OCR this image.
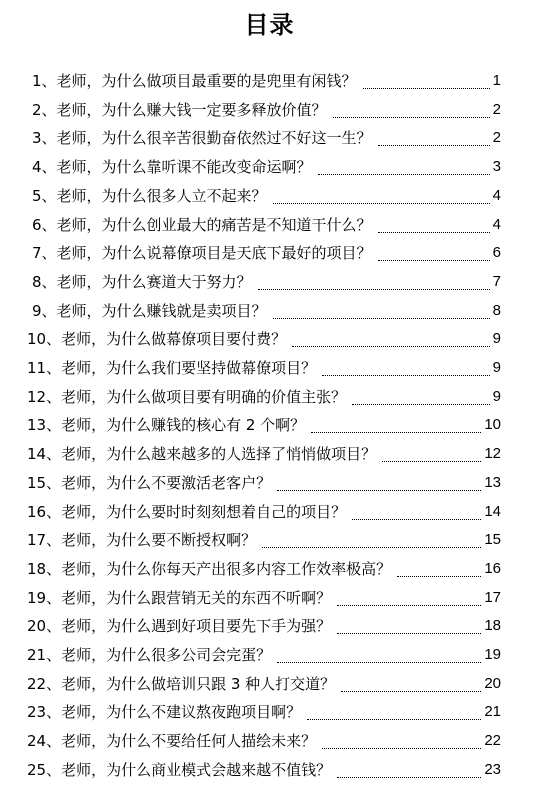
目录
1、老师，为什么做项目最重要的是兜里有闲钱？	1
2、老师，为什么赚大钱一定要多释放价值？	2
3、老师，为什么很辛苦很勤奋依然过不好这一生？	2
4、老师，为什么靠听课不能改变命运啊？	3
5、老师，为什么很多人立不起来？	4
6、老师，为什么创业最大的痛苦是不知道干什么？	4
7、老师，为什么说幕僚项目是天底下最好的项目？	6
8、老师，为什么赛道大于努力？	7
9、老师，为什么赚钱就是卖项目？	8
10、老师，为什么做幕僚项目要付费？	9
11、老师，为什么我们要坚持做幕僚项目？	9
12、老师，为什么做项目要有明确的价值主张？	9
13、老师，为什么赚钱的核心有 2 个啊？	10
14、老师，为什么越来越多的人选择了悄悄做项目？	12
15、老师，为什么不要激活老客户？	13
16、老师，为什么要时时刻刻想着自己的项目？	14
17、老师，为什么要不断授权啊？	15
18、老师，为什么你每天产出很多内容工作效率极高？	16
19、老师，为什么跟营销无关的东西不听啊？	17
20、老师，为什么遇到好项目要先下手为强？	18
21、老师，为什么很多公司会完蛋？	19
22、老师，为什么做培训只跟 3 种人打交道？	20
23、老师，为什么不建议熬夜跑项目啊？	21
24、老师，为什么不要给任何人描绘未来？	22
25、老师，为什么商业模式会越来越不值钱？	23
